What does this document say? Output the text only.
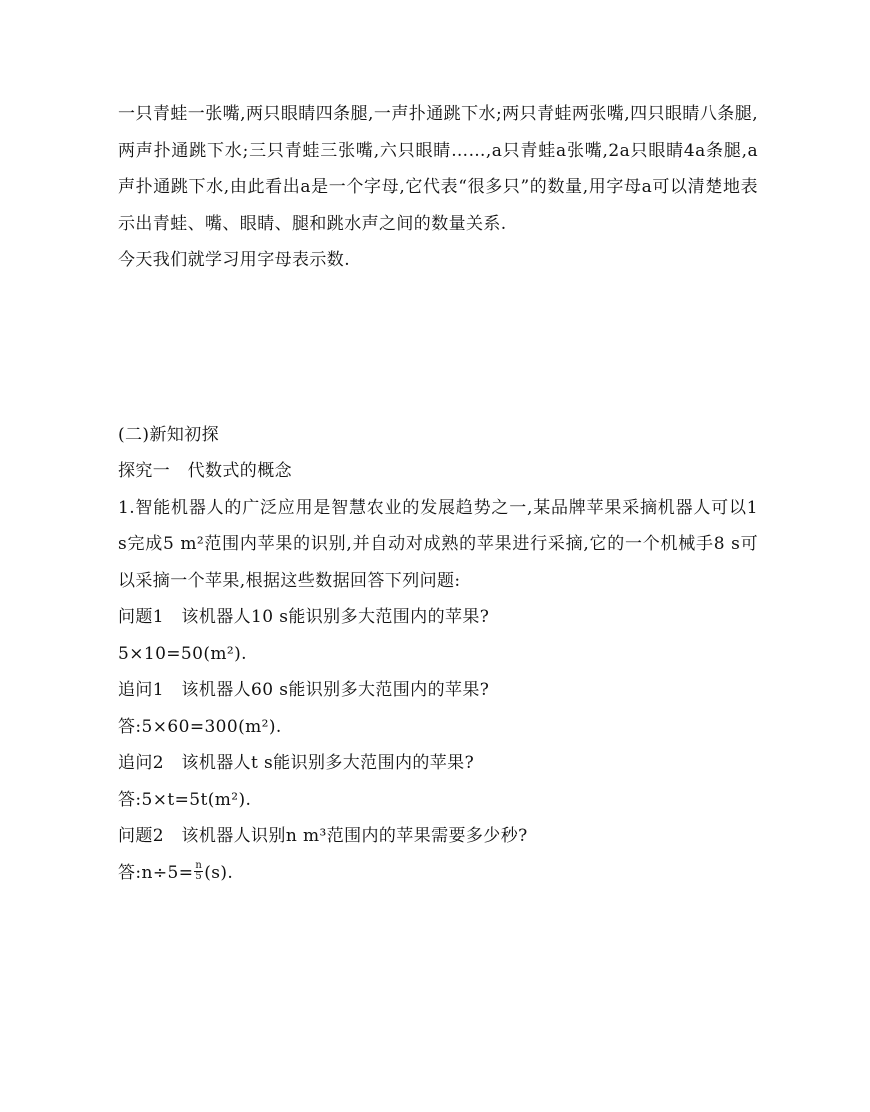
一只青蛙一张嘴,两只眼睛四条腿,一声扑通跳下水;两只青蛙两张嘴,四只眼睛八条腿,两声扑通跳下水;三只青蛙三张嘴,六只眼睛……,a只青蛙a张嘴,2a只眼睛4a条腿,a声扑通跳下水,由此看出a是一个字母,它代表“很多只”的数量,用字母a可以清楚地表示出青蛙、嘴、眼睛、腿和跳水声之间的数量关系.

今天我们就学习用字母表示数.

(二)新知初探

探究一　代数式的概念

1.智能机器人的广泛应用是智慧农业的发展趋势之一,某品牌苹果采摘机器人可以1 s完成5 m²范围内苹果的识别,并自动对成熟的苹果进行采摘,它的一个机械手8 s可以采摘一个苹果,根据这些数据回答下列问题:

问题1　该机器人10 s能识别多大范围内的苹果?

5×10=50(m²).

追问1　该机器人60 s能识别多大范围内的苹果?

答:5×60=300(m²).

追问2　该机器人t s能识别多大范围内的苹果?

答:5×t=5t(m²).

问题2　该机器人识别n m³范围内的苹果需要多少秒?

答:n÷5= $\frac{n}{5} (s)$.
